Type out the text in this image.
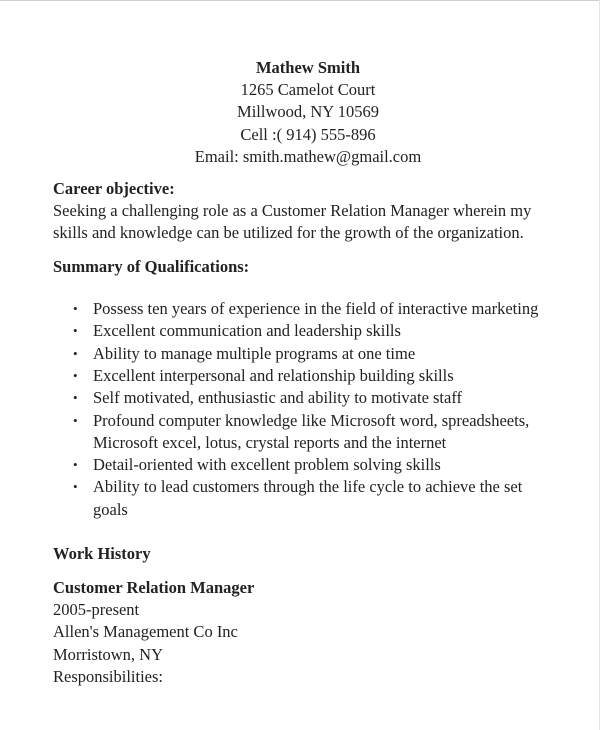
Mathew Smith
1265 Camelot Court
Millwood, NY 10569
Cell :( 914) 555-896
Email: smith.mathew@gmail.com
Career objective:
Seeking a challenging role as a Customer Relation Manager wherein my skills and knowledge can be utilized for the growth of the organization.
Summary of Qualifications:
• Possess ten years of experience in the field of interactive marketing
• Excellent communication and leadership skills
• Ability to manage multiple programs at one time
• Excellent interpersonal and relationship building skills
• Self motivated, enthusiastic and ability to motivate staff
• Profound computer knowledge like Microsoft word, spreadsheets, Microsoft excel, lotus, crystal reports and the internet
• Detail-oriented with excellent problem solving skills
• Ability to lead customers through the life cycle to achieve the set goals
Work History
Customer Relation Manager
2005-present
Allen's Management Co Inc
Morristown, NY
Responsibilities:
